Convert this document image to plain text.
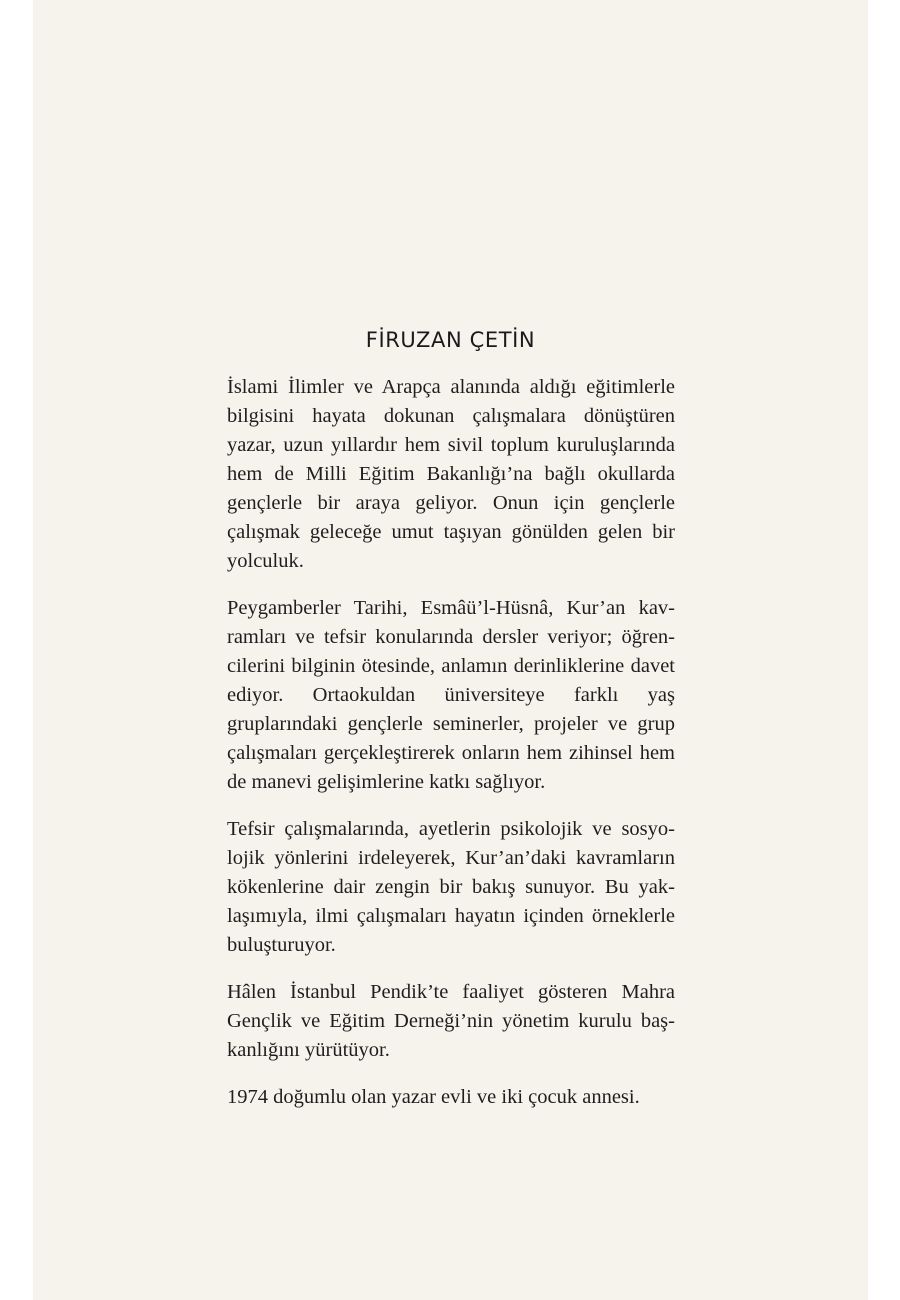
FİRUZAN ÇETİN

İslami İlimler ve Arapça alanında aldığı eğitimlerle bilgisini hayata dokunan çalışmalara dönüştüren yazar, uzun yıllardır hem sivil toplum kuruluşlarında hem de Milli Eğitim Bakanlığı’na bağlı okullarda gençlerle bir araya geliyor. Onun için gençlerle çalışmak geleceğe umut taşıyan gönülden gelen bir yolculuk.

Peygamberler Tarihi, Esmâü’l-Hüsnâ, Kur’an kavramları ve tefsir konularında dersler veriyor; öğrencilerini bilginin ötesinde, anlamın derinliklerine davet ediyor. Ortaokuldan üniversiteye farklı yaş gruplarındaki gençlerle seminerler, projeler ve grup çalışmaları gerçekleştirerek onların hem zihinsel hem de manevi gelişimlerine katkı sağlıyor.

Tefsir çalışmalarında, ayetlerin psikolojik ve sosyolojik yönlerini irdeleyerek, Kur’an’daki kavramların kökenlerine dair zengin bir bakış sunuyor. Bu yaklaşımıyla, ilmi çalışmaları hayatın içinden örneklerle buluşturuyor.

Hâlen İstanbul Pendik’te faaliyet gösteren Mahra Gençlik ve Eğitim Derneği’nin yönetim kurulu başkanlığını yürütüyor.

1974 doğumlu olan yazar evli ve iki çocuk annesi.
